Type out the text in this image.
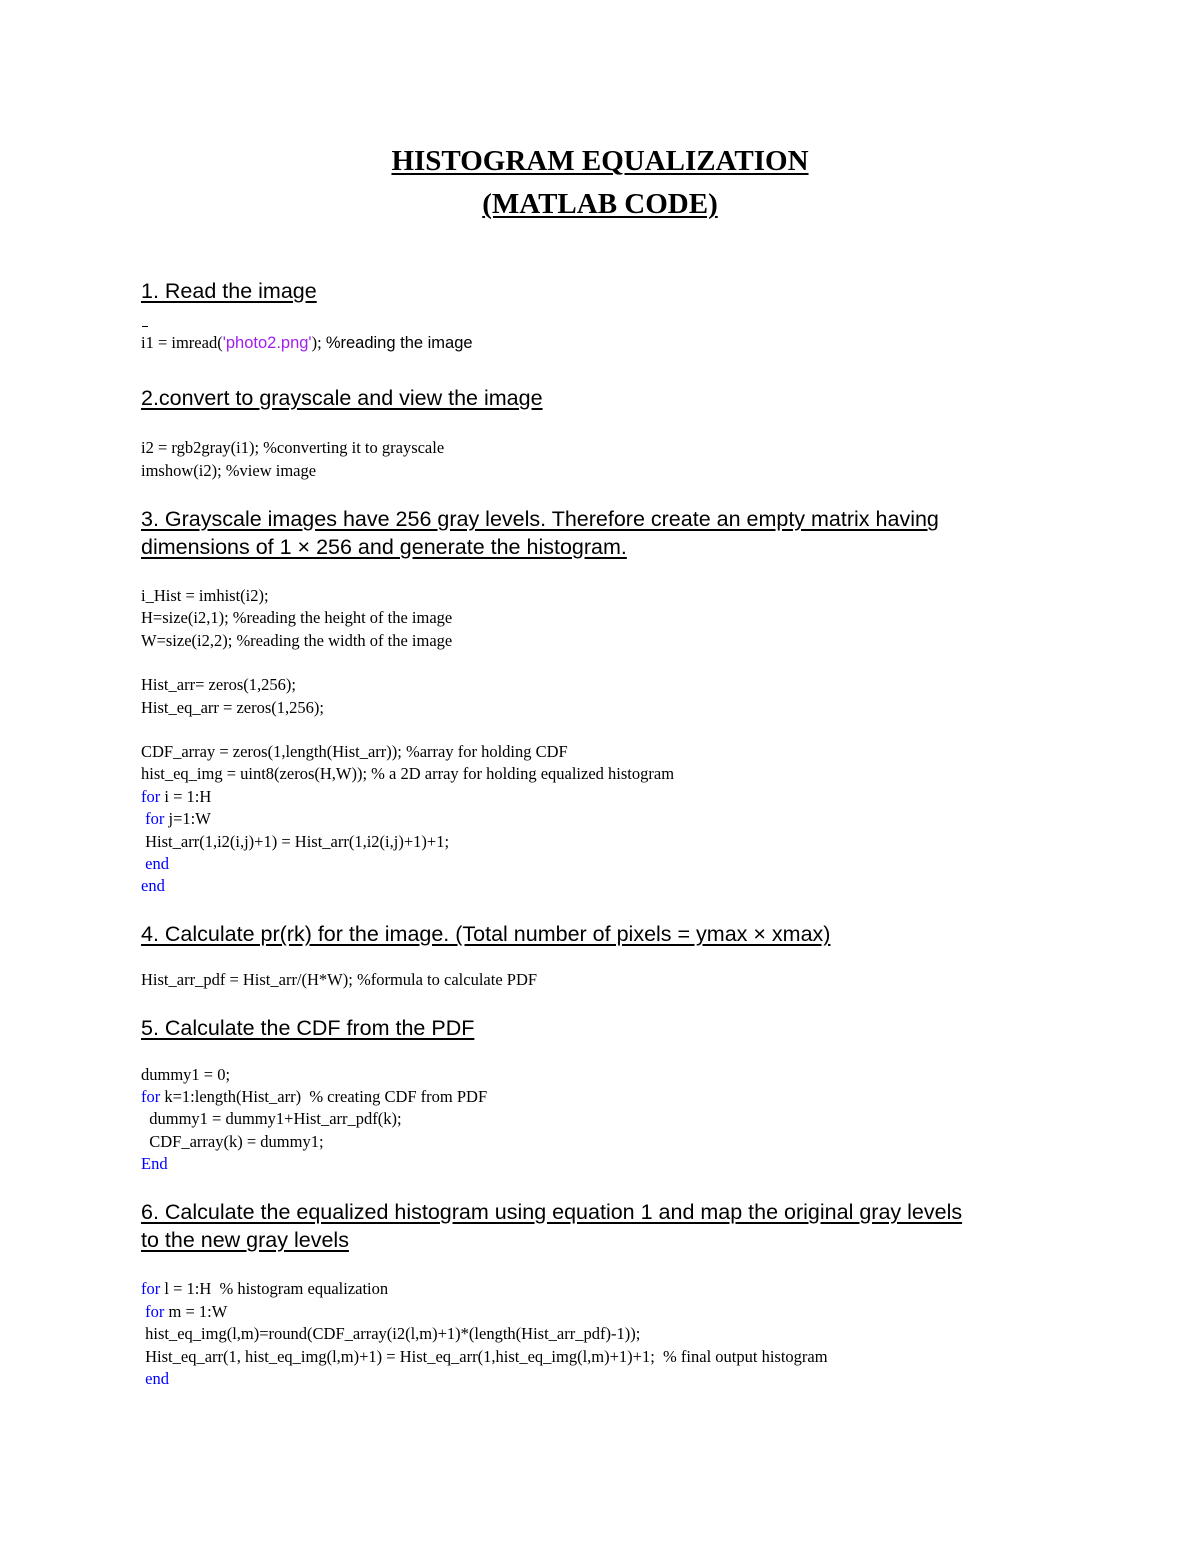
HISTOGRAM EQUALIZATION
(MATLAB CODE)
1. Read the image
i1 = imread('photo2.png'); %reading the image
2.convert to grayscale and view the image
i2 = rgb2gray(i1); %converting it to grayscale
imshow(i2); %view image
3. Grayscale images have 256 gray levels. Therefore create an empty matrix having
dimensions of 1 × 256 and generate the histogram.
i_Hist = imhist(i2);
H=size(i2,1); %reading the height of the image
W=size(i2,2); %reading the width of the image
Hist_arr= zeros(1,256);
Hist_eq_arr = zeros(1,256);
CDF_array = zeros(1,length(Hist_arr)); %array for holding CDF
hist_eq_img = uint8(zeros(H,W)); % a 2D array for holding equalized histogram
for i = 1:H
for j=1:W
Hist_arr(1,i2(i,j)+1) = Hist_arr(1,i2(i,j)+1)+1;
end
end
4. Calculate pr(rk) for the image. (Total number of pixels = ymax × xmax)
Hist_arr_pdf = Hist_arr/(H*W); %formula to calculate PDF
5. Calculate the CDF from the PDF
dummy1 = 0;
for k=1:length(Hist_arr)  % creating CDF from PDF
dummy1 = dummy1+Hist_arr_pdf(k);
CDF_array(k) = dummy1;
End
6. Calculate the equalized histogram using equation 1 and map the original gray levels
to the new gray levels
for l = 1:H  % histogram equalization
for m = 1:W
hist_eq_img(l,m)=round(CDF_array(i2(l,m)+1)*(length(Hist_arr_pdf)-1));
Hist_eq_arr(1, hist_eq_img(l,m)+1) = Hist_eq_arr(1,hist_eq_img(l,m)+1)+1;  % final output histogram
end
